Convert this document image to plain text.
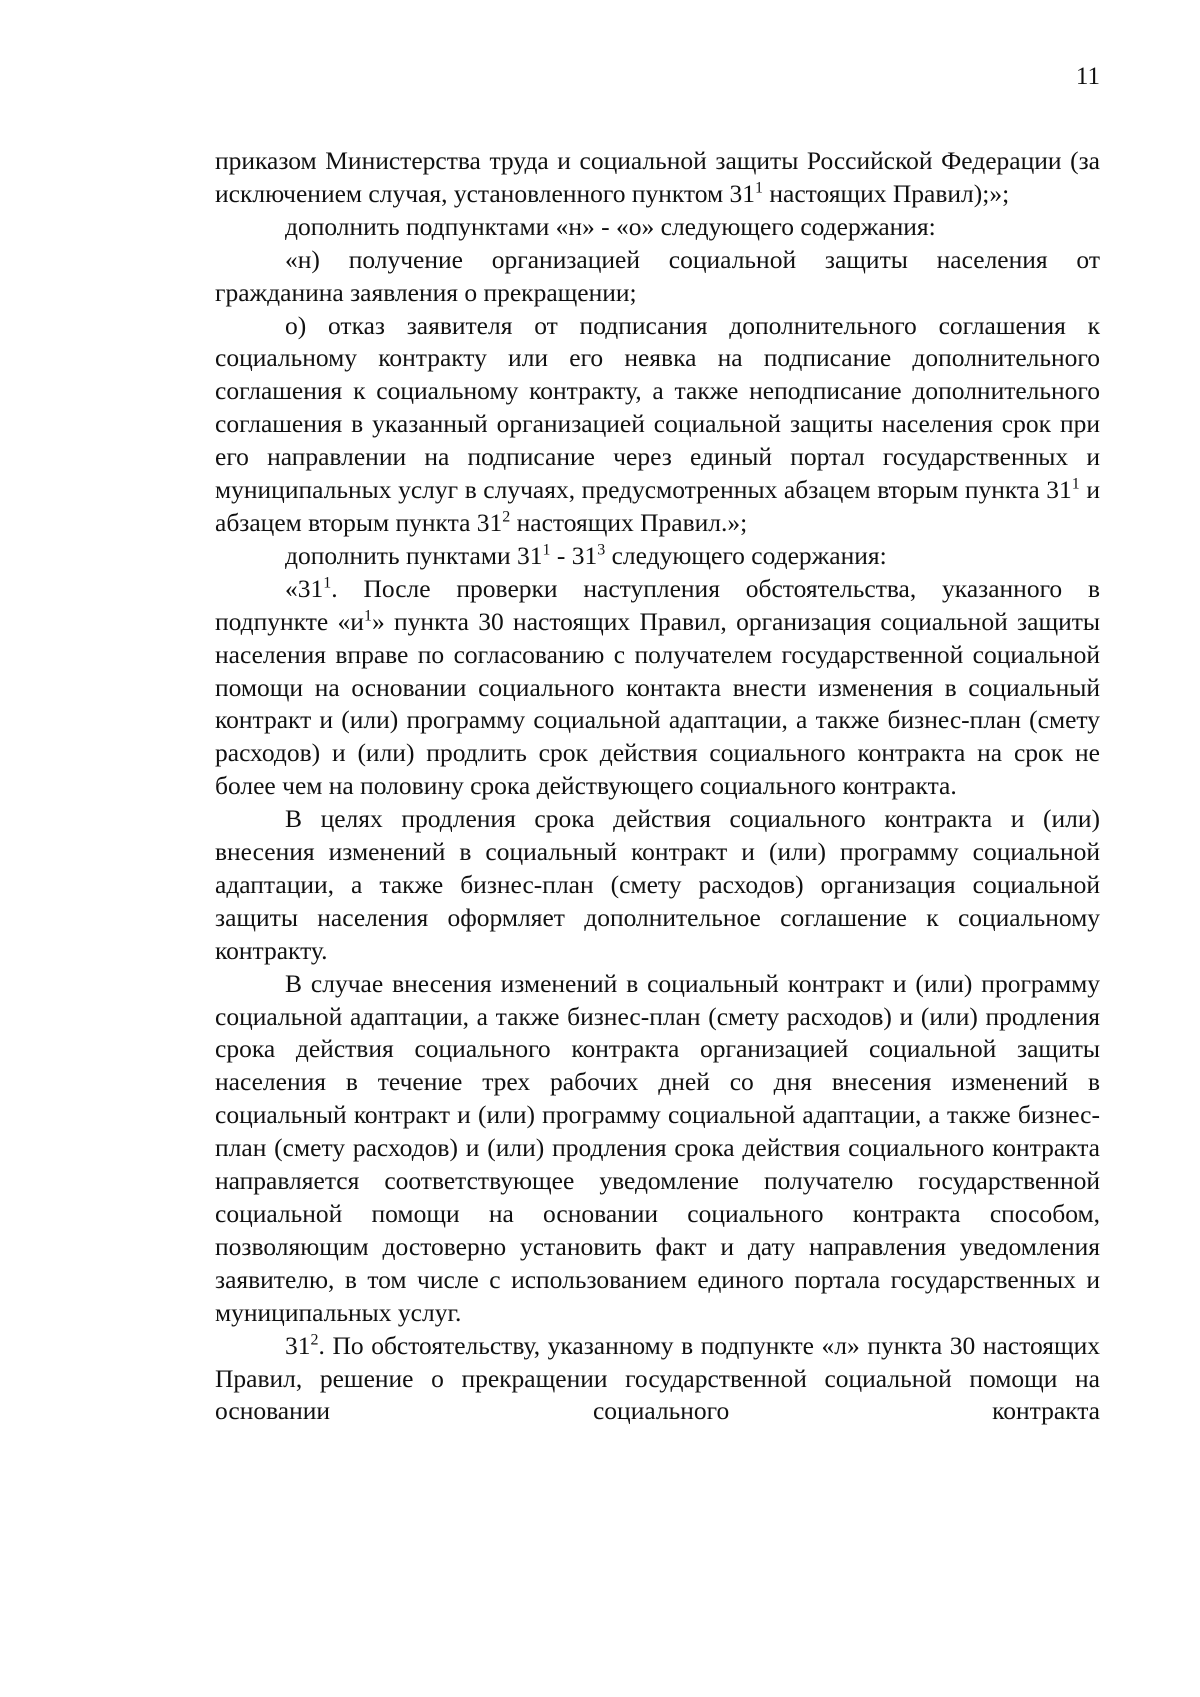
11

приказом Министерства труда и социальной защиты Российской Федерации (за исключением случая, установленного пунктом $31^1$ настоящих Правил);»;

дополнить подпунктами «н» - «о» следующего содержания:

«н) получение организацией социальной защиты населения от гражданина заявления о прекращении;

о) отказ заявителя от подписания дополнительного соглашения к социальному контракту или его неявка на подписание дополнительного соглашения к социальному контракту, а также неподписание дополнительного соглашения в указанный организацией социальной защиты населения срок при его направлении на подписание через единый портал государственных и муниципальных услуг в случаях, предусмотренных абзацем вторым пункта $31^1$ и абзацем вторым пункта $31^2$ настоящих Правил.»;

дополнить пунктами $31^1 - 31^3$ следующего содержания:

«$31^1$. После проверки наступления обстоятельства, указанного в подпункте «$и^1$» пункта 30 настоящих Правил, организация социальной защиты населения вправе по согласованию с получателем государственной социальной помощи на основании социального контакта внести изменения в социальный контракт и (или) программу социальной адаптации, а также бизнес-план (смету расходов) и (или) продлить срок действия социального контракта на срок не более чем на половину срока действующего социального контракта.

В целях продления срока действия социального контракта и (или) внесения изменений в социальный контракт и (или) программу социальной адаптации, а также бизнес-план (смету расходов) организация социальной защиты населения оформляет дополнительное соглашение к социальному контракту.

В случае внесения изменений в социальный контракт и (или) программу социальной адаптации, а также бизнес-план (смету расходов) и (или) продления срока действия социального контракта организацией социальной защиты населения в течение трех рабочих дней со дня внесения изменений в социальный контракт и (или) программу социальной адаптации, а также бизнес-план (смету расходов) и (или) продления срока действия социального контракта направляется соответствующее уведомление получателю государственной социальной помощи на основании социального контракта способом, позволяющим достоверно установить факт и дату направления уведомления заявителю, в том числе с использованием единого портала государственных и муниципальных услуг.

$31^2$. По обстоятельству, указанному в подпункте «л» пункта 30 настоящих Правил, решение о прекращении государственной социальной помощи на основании социального контракта
